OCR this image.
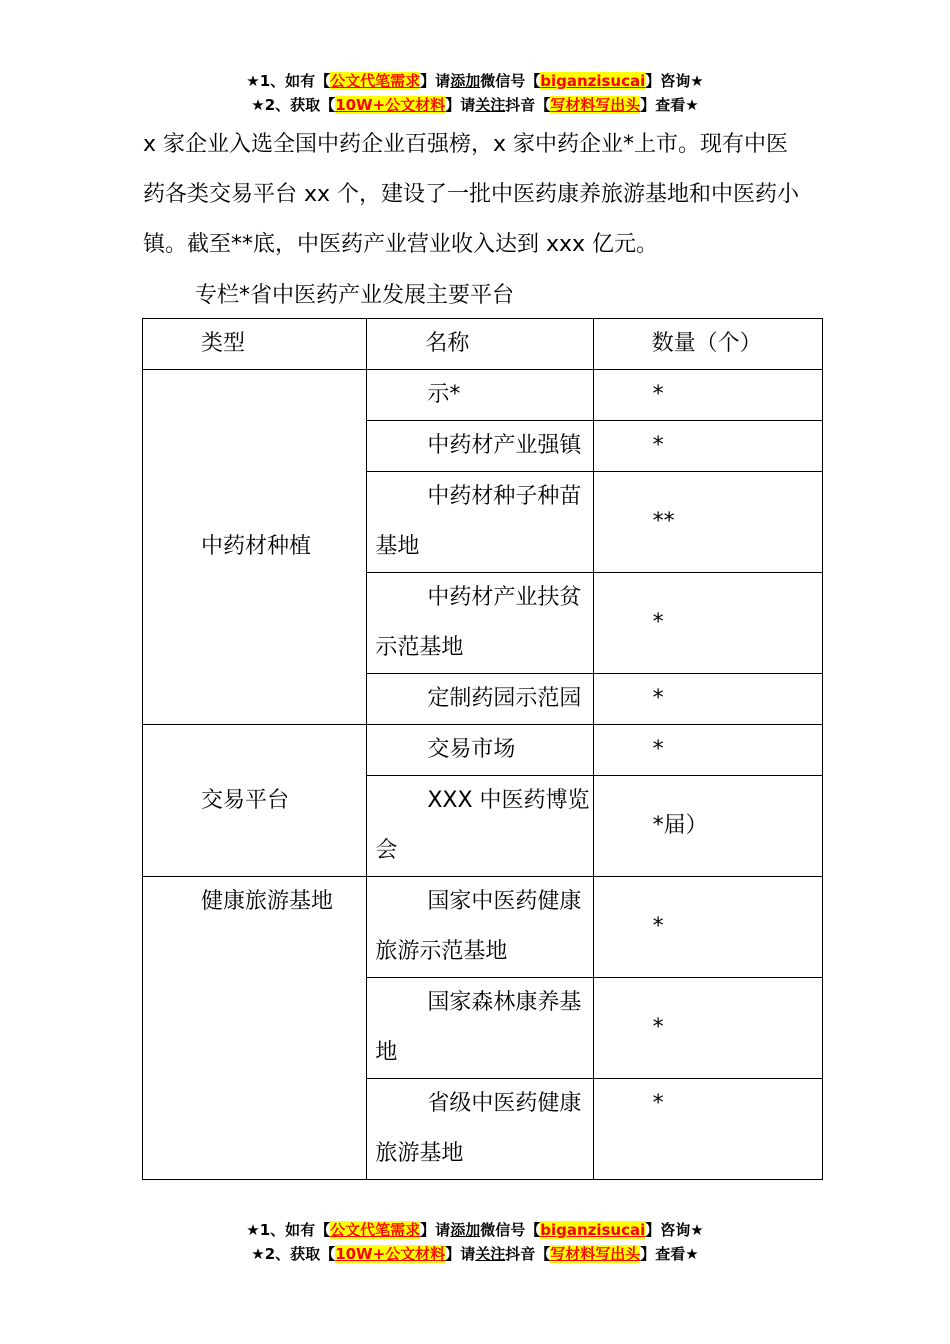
★1、如有【公文代笔需求】请添加微信号【biganzisucai】咨询★
★2、获取【10W+公文材料】请关注抖音【写材料写出头】查看★
x 家企业入选全国中药企业百强榜，x 家中药企业*上市。现有中医
药各类交易平台 xx 个，建设了一批中医药康养旅游基地和中医药小
镇。截至**底，中医药产业营业收入达到 xxx 亿元。
专栏*省中医药产业发展主要平台
类型	名称	数量（个）
中药材种植	示*	*
	中药材产业强镇	*
	中药材种子种苗基地	**
	中药材产业扶贫示范基地	*
	定制药园示范园	*
交易平台	交易市场	*
	XXX 中医药博览会	*届）
健康旅游基地	国家中医药健康旅游示范基地	*
	国家森林康养基地	*
	省级中医药健康旅游基地	*
★1、如有【公文代笔需求】请添加微信号【biganzisucai】咨询★
★2、获取【10W+公文材料】请关注抖音【写材料写出头】查看★
